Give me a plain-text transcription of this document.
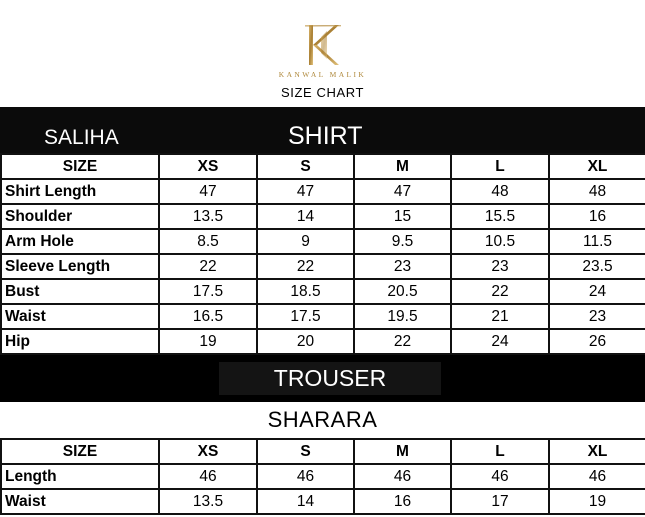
KANWAL MALIK
SIZE CHART
SALIHA	SHIRT
SIZE	XS	S	M	L	XL
Shirt Length	47	47	47	48	48
Shoulder	13.5	14	15	15.5	16
Arm Hole	8.5	9	9.5	10.5	11.5
Sleeve Length	22	22	23	23	23.5
Bust	17.5	18.5	20.5	22	24
Waist	16.5	17.5	19.5	21	23
Hip	19	20	22	24	26
TROUSER
SHARARA
SIZE	XS	S	M	L	XL
Length	46	46	46	46	46
Waist	13.5	14	16	17	19
